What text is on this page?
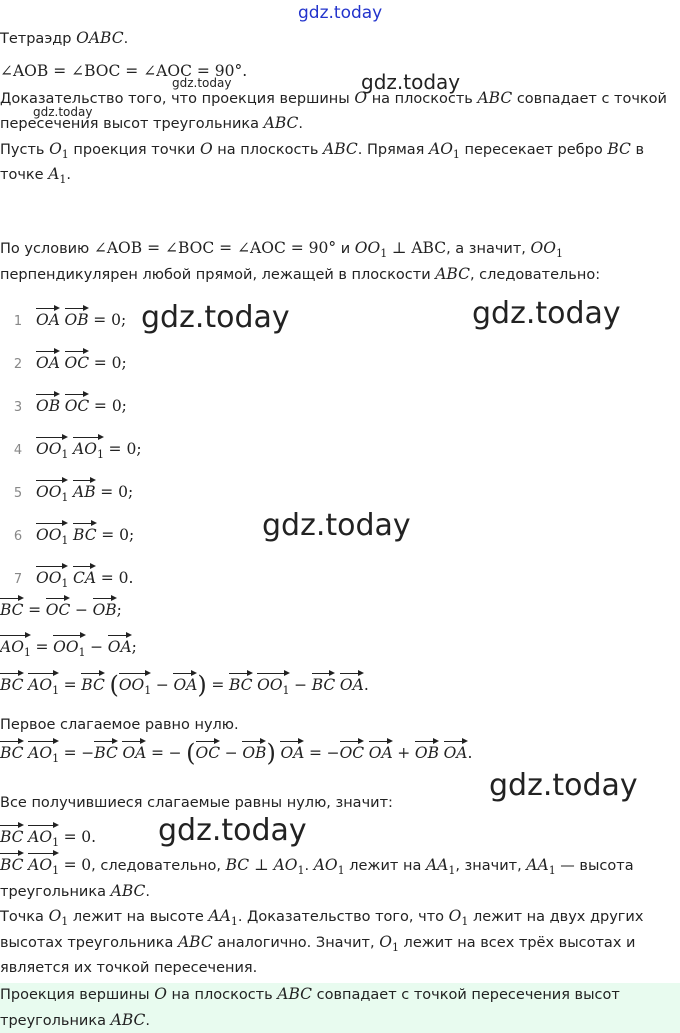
gdz.today
gdz.today
gdz.today
gdz.today
gdz.today	gdz.today
gdz.today
gdz.today
gdz.today
Тетраэдр OABC.
∠AOB = ∠BOC = ∠AOC = 90°.
Доказательство того, что проекция вершины O на плоскость ABC совпадает с точкой
пересечения высот треугольника ABC.
Пусть $O_1$ проекция точки O на плоскость ABC. Прямая $AO_1$ пересекает ребро BC в
точке $A_1$.
По условию ∠AOB = ∠BOC = ∠AOC = 90° и $OO_1$ ⊥ ABC, а значит, $OO_1$
перпендикулярен любой прямой, лежащей в плоскости ABC, следовательно:
1 OA OB = 0;
2 OA OC = 0;
3 OB OC = 0;
4 $OO_1$ $AO_1 = 0$;
5 $OO_1$ AB = 0;
6 $OO_1$ BC = 0;
7 $OO_1$ CA = 0.
BC = OC − OB;
$AO_1 = OO_1$ − OA;
BC $AO_1$ = BC $(OO_1 - OA)$ = BC $OO_1$ − BC OA.
Первое слагаемое равно нулю.
BC $AO_1 = -BC$ OA = − (OC − OB) OA = −OC OA + OB OA.
Все получившиеся слагаемые равны нулю, значит:
BC $AO_1 = 0$.
BC $AO_1 = 0$, следовательно, BC ⊥ $AO_1$. $AO_1$ лежит на $AA_1$, значит, $AA_1$ — высота
треугольника ABC.
Точка $O_1$ лежит на высоте $AA_1$. Доказательство того, что $O_1$ лежит на двух других
высотах треугольника ABC аналогично. Значит, $O_1$ лежит на всех трёх высотах и
является их точкой пересечения.
Проекция вершины O на плоскость ABC совпадает с точкой пересечения высот
треугольника ABC.
